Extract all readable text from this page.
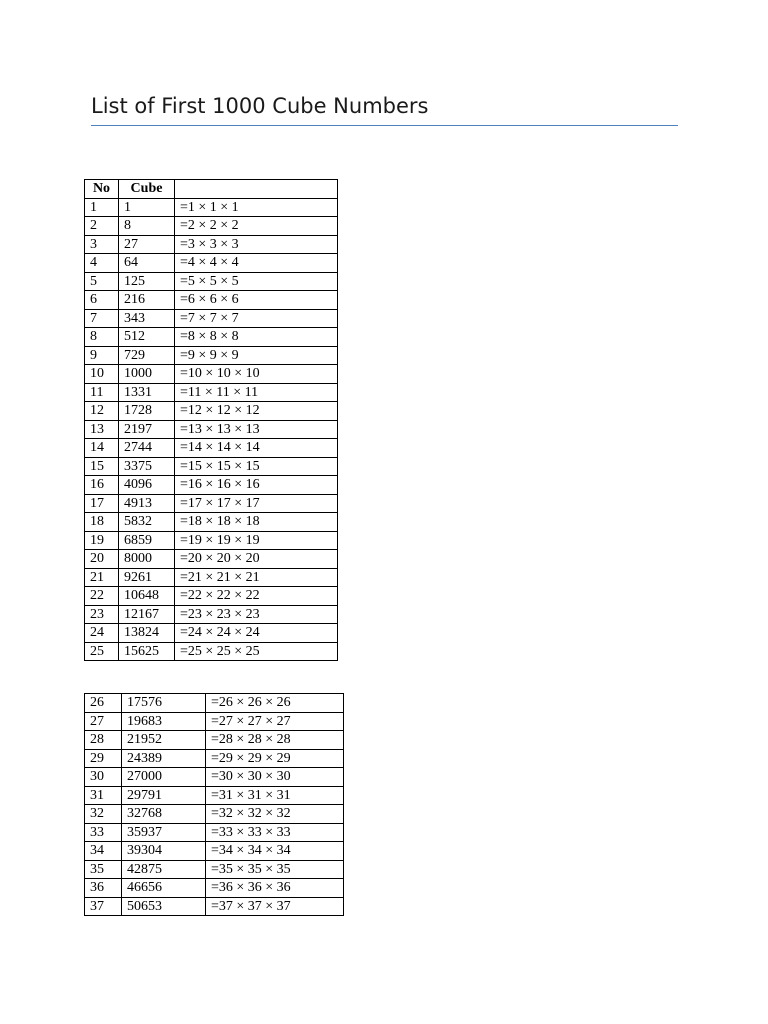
List of First 1000 Cube Numbers
No	Cube	
1	1	=1 × 1 × 1
2	8	=2 × 2 × 2
3	27	=3 × 3 × 3
4	64	=4 × 4 × 4
5	125	=5 × 5 × 5
6	216	=6 × 6 × 6
7	343	=7 × 7 × 7
8	512	=8 × 8 × 8
9	729	=9 × 9 × 9
10	1000	=10 × 10 × 10
11	1331	=11 × 11 × 11
12	1728	=12 × 12 × 12
13	2197	=13 × 13 × 13
14	2744	=14 × 14 × 14
15	3375	=15 × 15 × 15
16	4096	=16 × 16 × 16
17	4913	=17 × 17 × 17
18	5832	=18 × 18 × 18
19	6859	=19 × 19 × 19
20	8000	=20 × 20 × 20
21	9261	=21 × 21 × 21
22	10648	=22 × 22 × 22
23	12167	=23 × 23 × 23
24	13824	=24 × 24 × 24
25	15625	=25 × 25 × 25
26	17576	=26 × 26 × 26
27	19683	=27 × 27 × 27
28	21952	=28 × 28 × 28
29	24389	=29 × 29 × 29
30	27000	=30 × 30 × 30
31	29791	=31 × 31 × 31
32	32768	=32 × 32 × 32
33	35937	=33 × 33 × 33
34	39304	=34 × 34 × 34
35	42875	=35 × 35 × 35
36	46656	=36 × 36 × 36
37	50653	=37 × 37 × 37
